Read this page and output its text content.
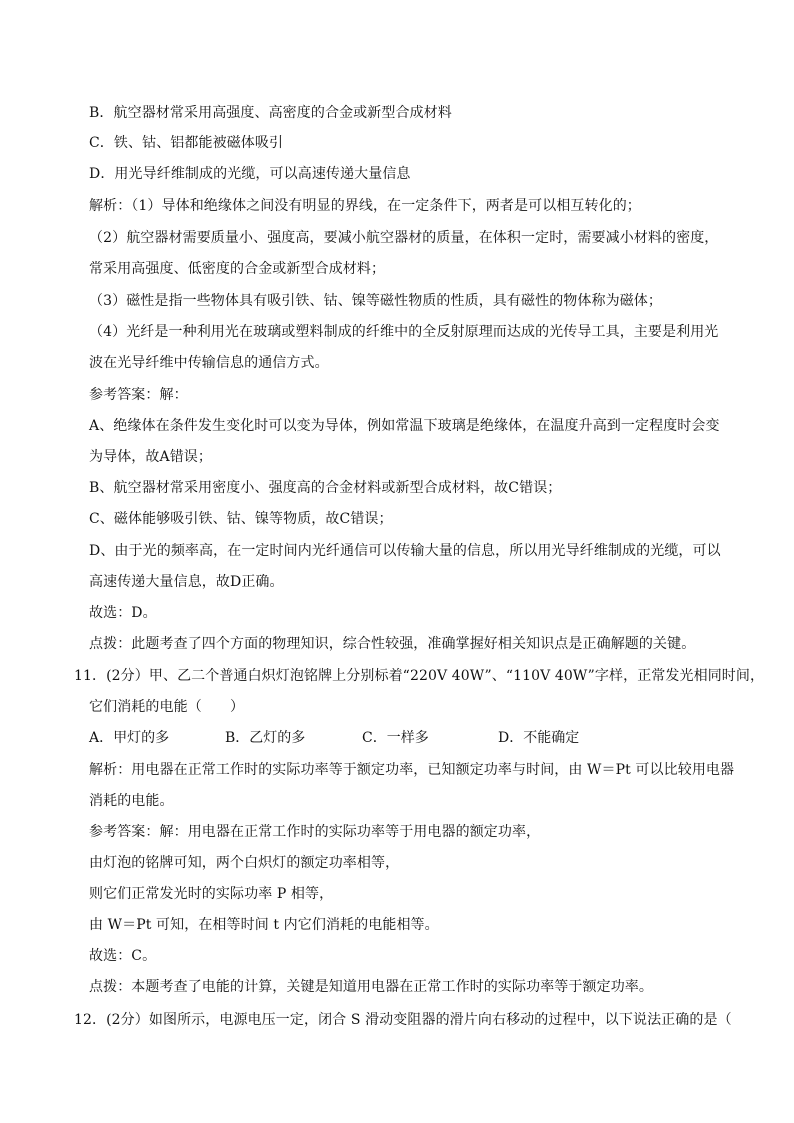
B．航空器材常采用高强度、高密度的合金或新型合成材料
C．铁、钴、铝都能被磁体吸引
D．用光导纤维制成的光缆，可以高速传递大量信息
解析：（1）导体和绝缘体之间没有明显的界线，在一定条件下，两者是可以相互转化的；
（2）航空器材需要质量小、强度高，要减小航空器材的质量，在体积一定时，需要减小材料的密度，
常采用高强度、低密度的合金或新型合成材料；
（3）磁性是指一些物体具有吸引铁、钴、镍等磁性物质的性质，具有磁性的物体称为磁体；
（4）光纤是一种利用光在玻璃或塑料制成的纤维中的全反射原理而达成的光传导工具，主要是利用光
波在光导纤维中传输信息的通信方式。
参考答案：解：
A、绝缘体在条件发生变化时可以变为导体，例如常温下玻璃是绝缘体，在温度升高到一定程度时会变
为导体，故A错误；
B、航空器材常采用密度小、强度高的合金材料或新型合成材料，故C错误；
C、磁体能够吸引铁、钴、镍等物质，故C错误；
D、由于光的频率高，在一定时间内光纤通信可以传输大量的信息，所以用光导纤维制成的光缆，可以
高速传递大量信息，故D正确。
故选：D。
点拨：此题考查了四个方面的物理知识，综合性较强，准确掌握好相关知识点是正确解题的关键。
11．(2分）甲、乙二个普通白炽灯泡铭牌上分别标着“220V 40W”、“110V 40W”字样，正常发光相同时间，
它们消耗的电能（　　）
A．甲灯的多	B．乙灯的多	C．一样多	D．不能确定
解析：用电器在正常工作时的实际功率等于额定功率，已知额定功率与时间，由 W＝Pt 可以比较用电器
消耗的电能。
参考答案：解：用电器在正常工作时的实际功率等于用电器的额定功率，
由灯泡的铭牌可知，两个白炽灯的额定功率相等，
则它们正常发光时的实际功率 P 相等，
由 W＝Pt 可知，在相等时间 t 内它们消耗的电能相等。
故选：C。
点拨：本题考查了电能的计算，关键是知道用电器在正常工作时的实际功率等于额定功率。
12．(2分）如图所示，电源电压一定，闭合 S 滑动变阻器的滑片向右移动的过程中，以下说法正确的是（
